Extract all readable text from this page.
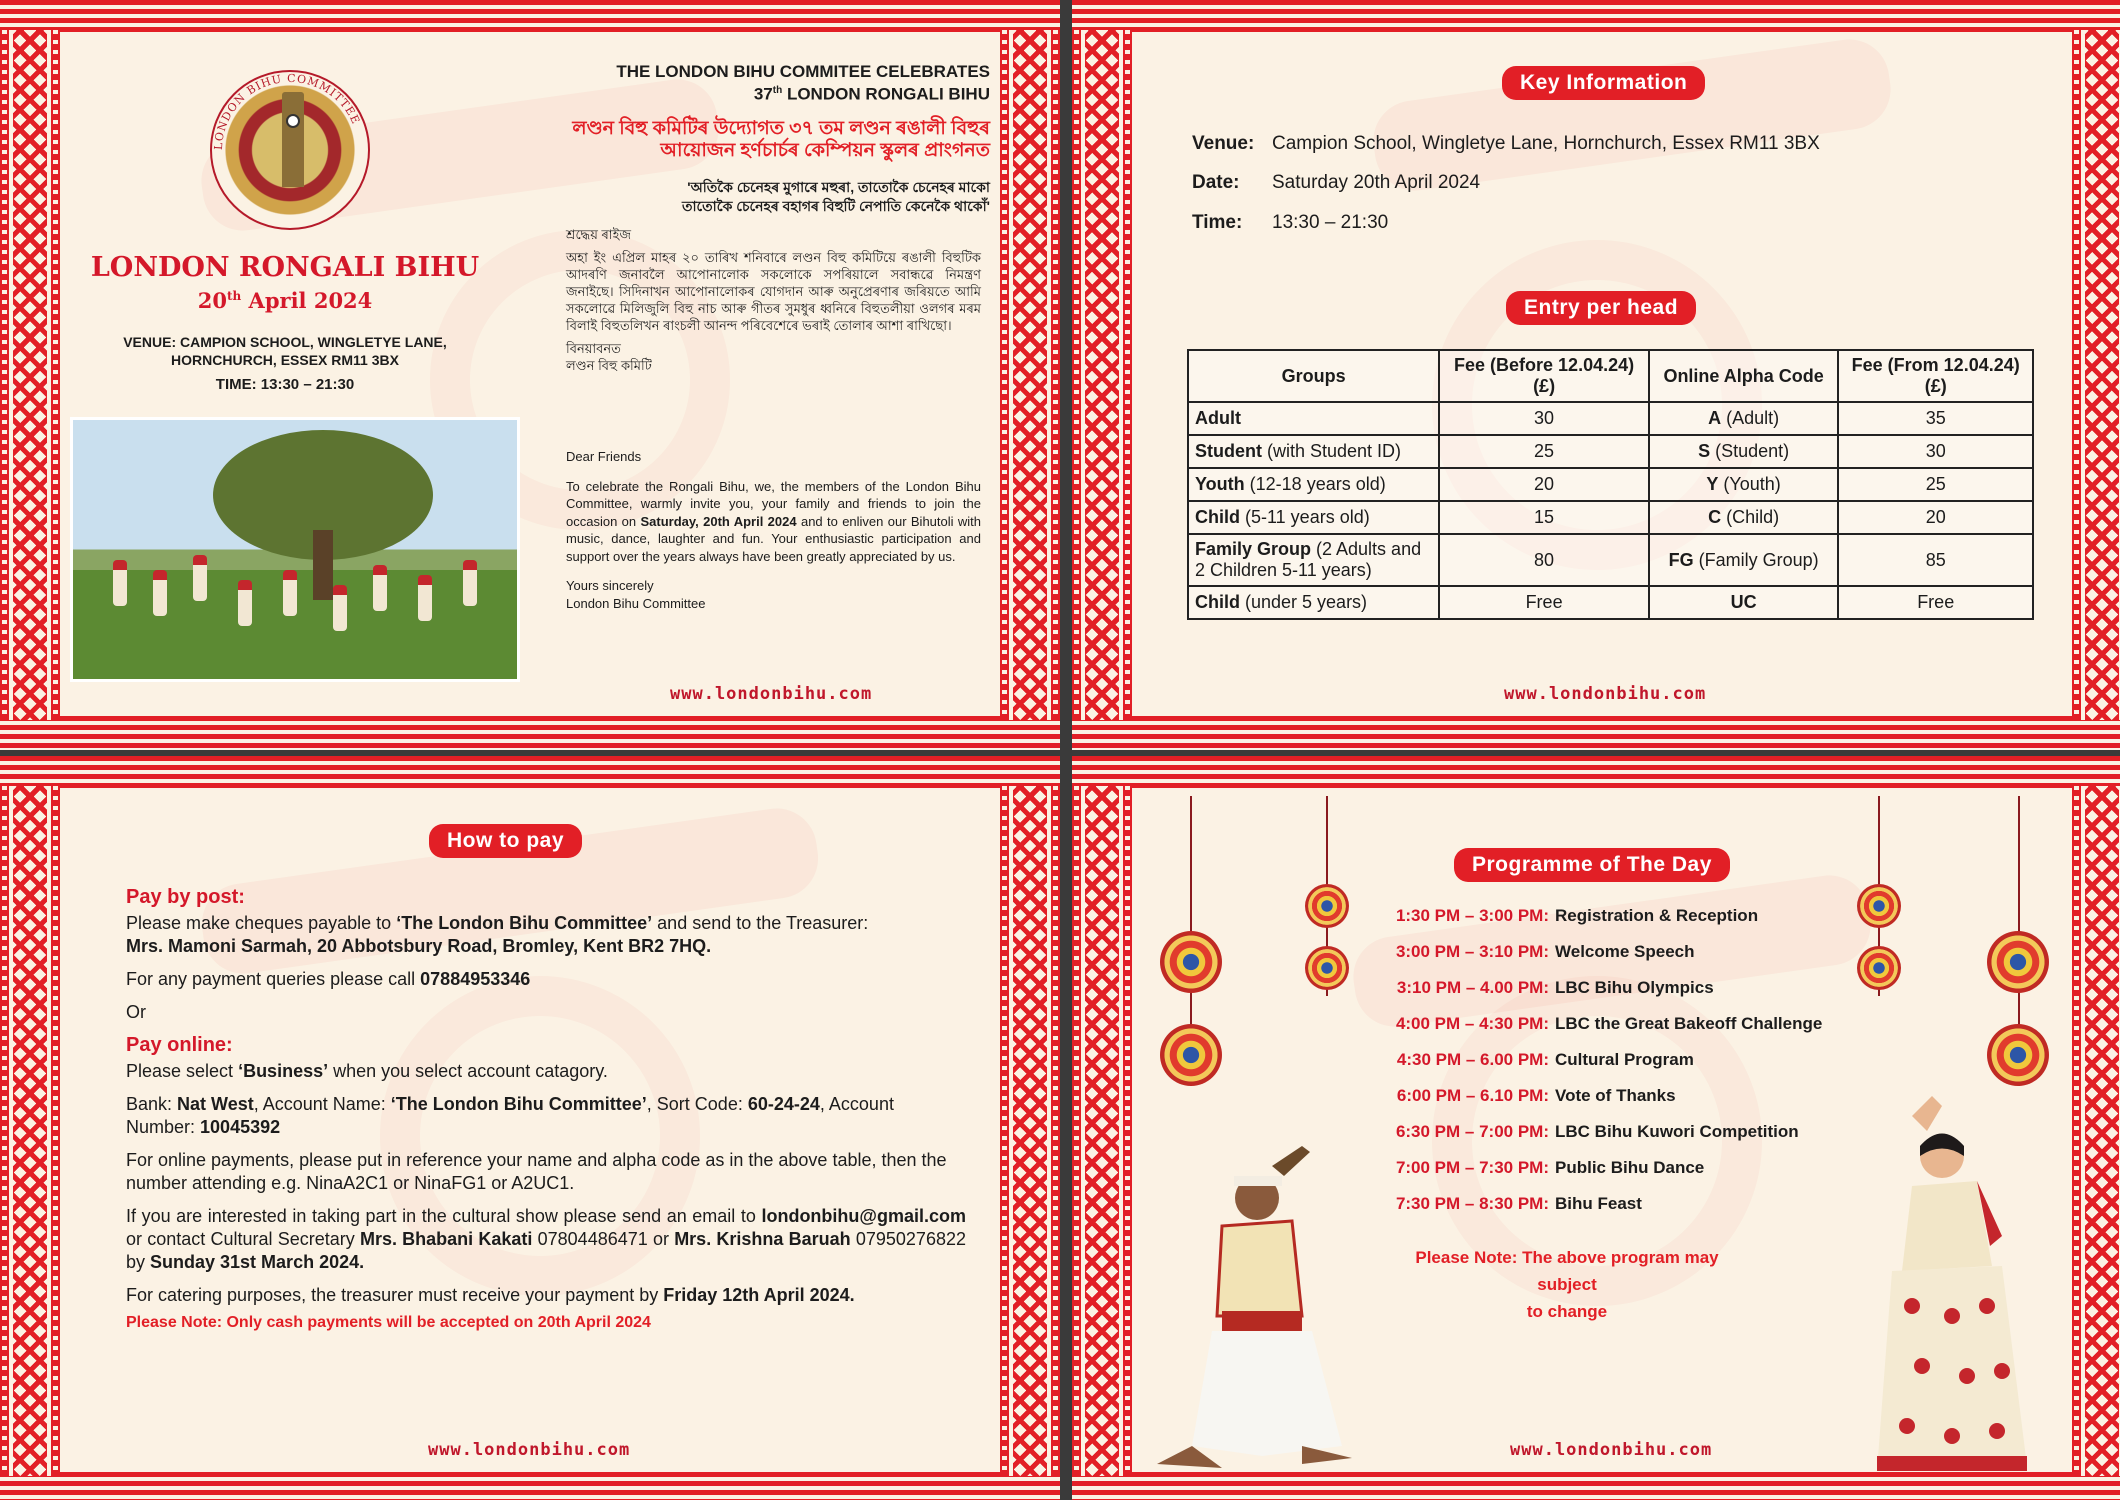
LONDON BIHU COMMITTEE
LONDON RONGALI BIHU
20th April 2024
VENUE: CAMPION SCHOOL, WINGLETYE LANE,
HORNCHURCH, ESSEX RM11 3BX
TIME: 13:30 – 21:30
THE LONDON BIHU COMMITEE CELEBRATES
37th LONDON RONGALI BIHU
লণ্ডন বিহু কমিটিৰ উদ্যোগত ৩৭ তম লণ্ডন ৰঙালী বিহুৰ
আয়োজন হৰ্ণচাৰ্চৰ কেম্পিয়ন স্কুলৰ প্ৰাংগনত
'অতিকৈ চেনেহৰ মুগাৰে মহুৰা, তাতোকৈ চেনেহৰ মাকো
তাতোকৈ চেনেহৰ বহাগৰ বিহুটি নেপাতি কেনেকৈ থাকোঁ'

শ্ৰদ্ধেয় ৰাইজ

অহা ইং এপ্ৰিল মাহৰ ২০ তাৰিখ শনিবাৰে লণ্ডন বিহু কমিটিয়ে ৰঙালী বিহুটিক আদৰণি জনাবলৈ আপোনালোক সকলোকে সপৰিয়ালে সবান্ধৱে নিমন্ত্ৰণ জনাইছে। সিদিনাখন আপোনালোকৰ যোগদান আৰু অনুপ্ৰেৰণাৰ জৰিয়তে আমি সকলোৱে মিলিজুলি বিহু নাচ আৰু গীতৰ সুমধুৰ ধ্বনিৰে বিহুতলীয়া ওলগৰ মৰম বিলাই বিহুতলিখন ৰাংচলী আনন্দ পৰিবেশেৰে ভৰাই তোলাৰ আশা ৰাখিছো।

বিনয়াবনত
লণ্ডন বিহু কমিটি

Dear Friends

To celebrate the Rongali Bihu, we, the members of the London Bihu Committee, warmly invite you, your family and friends to join the occasion on Saturday, 20th April 2024 and to enliven our Bihutoli with music, dance, laughter and fun. Your enthusiastic participation and support over the years always have been greatly appreciated by us.

Yours sincerely
London Bihu Committee

www.londonbihu.com
Key Information
Venue: Campion School, Wingletye Lane, Hornchurch, Essex RM11 3BX
Date: Saturday 20th April 2024
Time: 13:30 – 21:30
Entry per head
Groups	Fee (Before 12.04.24) (£)	Online Alpha Code	Fee (From 12.04.24) (£)
Adult	30	A (Adult)	35
Student (with Student ID)	25	S (Student)	30
Youth (12-18 years old)	20	Y (Youth)	25
Child (5-11 years old)	15	C (Child)	20
Family Group (2 Adults and 2 Children 5-11 years)	80	FG (Family Group)	85
Child (under 5 years)	Free	UC	Free
www.londonbihu.com
How to pay
Pay by post:

Please make cheques payable to ‘The London Bihu Committee’ and send to the Treasurer:
Mrs. Mamoni Sarmah, 20 Abbotsbury Road, Bromley, Kent BR2 7HQ.

For any payment queries please call 07884953346

Or

Pay online:

Please select ‘Business’ when you select account catagory.

Bank: Nat West, Account Name: ‘The London Bihu Committee’, Sort Code: 60-24-24, Account Number: 10045392

For online payments, please put in reference your name and alpha code as in the above table, then the number attending e.g. NinaA2C1 or NinaFG1 or A2UC1.

If you are interested in taking part in the cultural show please send an email to londonbihu@gmail.com or contact Cultural Secretary Mrs. Bhabani Kakati 07804486471 or Mrs. Krishna Baruah 07950276822 by Sunday 31st March 2024.

For catering purposes, the treasurer must receive your payment by Friday 12th April 2024.

Please Note: Only cash payments will be accepted on 20th April 2024
www.londonbihu.com
Programme of The Day
1:30 PM – 3:00 PM: Registration & Reception
3:00 PM – 3:10 PM: Welcome Speech
3:10 PM – 4.00 PM: LBC Bihu Olympics
4:00 PM – 4:30 PM: LBC the Great Bakeoff Challenge
4:30 PM – 6.00 PM: Cultural Program
6:00 PM – 6.10 PM: Vote of Thanks
6:30 PM – 7:00 PM: LBC Bihu Kuwori Competition
7:00 PM – 7:30 PM: Public Bihu Dance
7:30 PM – 8:30 PM: Bihu Feast
Please Note: The above program may subject
to change
www.londonbihu.com
